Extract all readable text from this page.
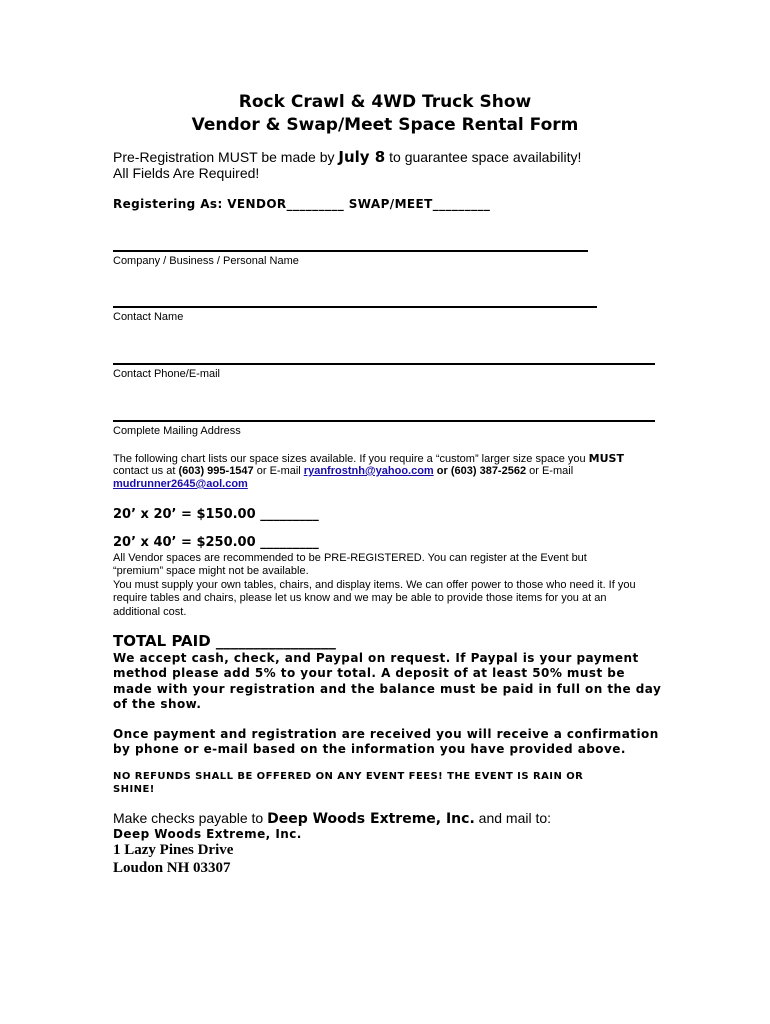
Rock Crawl & 4WD Truck Show
Vendor & Swap/Meet Space Rental Form
Pre-Registration MUST be made by July 8 to guarantee space availability!
All Fields Are Required!
Registering As: VENDOR_________ SWAP/MEET_________
Company / Business / Personal Name
Contact Name
Contact Phone/E-mail
Complete Mailing Address
The following chart lists our space sizes available. If you require a “custom” larger size space you MUST
contact us at (603) 995-1547 or E-mail ryanfrostnh@yahoo.com or (603) 387-2562 or E-mail
mudrunner2645@aol.com
20’ x 20’ = $150.00 _________
20’ x 40’ = $250.00 _________
All Vendor spaces are recommended to be PRE-REGISTERED. You can register at the Event but
“premium” space might not be available.
You must supply your own tables, chairs, and display items. We can offer power to those who need it. If you
require tables and chairs, please let us know and we may be able to provide those items for you at an
additional cost.
TOTAL PAID ________________
We accept cash, check, and Paypal on request. If Paypal is your payment
method please add 5% to your total. A deposit of at least 50% must be
made with your registration and the balance must be paid in full on the day
of the show.
Once payment and registration are received you will receive a confirmation
by phone or e-mail based on the information you have provided above.
NO REFUNDS SHALL BE OFFERED ON ANY EVENT FEES! THE EVENT IS RAIN OR
SHINE!
Make checks payable to Deep Woods Extreme, Inc. and mail to:
Deep Woods Extreme, Inc.
1 Lazy Pines Drive
Loudon NH 03307
